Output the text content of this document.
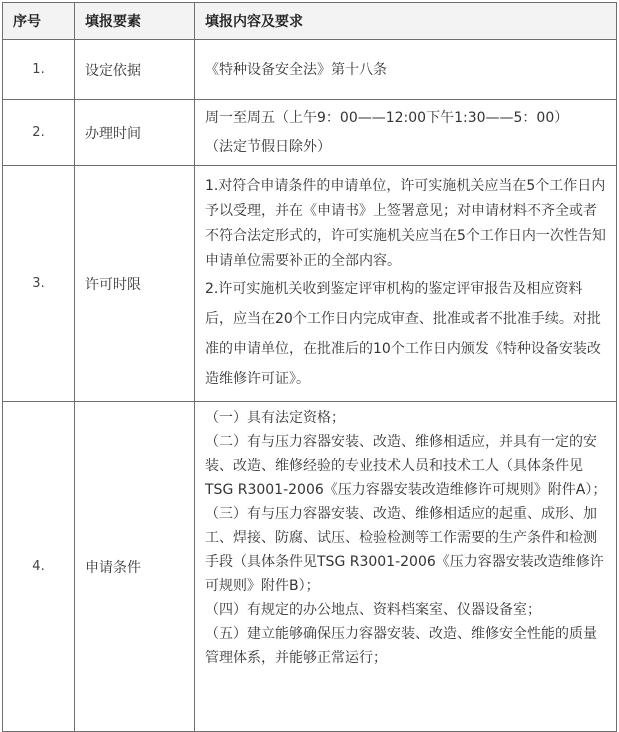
序号	填报要素	填报内容及要求
1.	设定依据	《特种设备安全法》第十八条

2.	办理时间	周一至周五（上午9：00——12:00下午1:30——5：00）　　　　（法定节假日除外）

3.	许可时限	1.对符合申请条件的申请单位，许可实施机关应当在5个工作日内予以受理，并在《申请书》上签署意见；对申请材料不齐全或者不符合法定形式的，许可实施机关应当在5个工作日内一次性告知申请单位需要补正的全部内容。
2.许可实施机关收到鉴定评审机构的鉴定评审报告及相应资料后，应当在20个工作日内完成审查、批准或者不批准手续。对批准的申请单位，在批准后的10个工作日内颁发《特种设备安装改造维修许可证》。

4.	申请条件	（一）具有法定资格；
（二）有与压力容器安装、改造、维修相适应，并具有一定的安装、改造、维修经验的专业技术人员和技术工人（具体条件见TSG R3001-2006《压力容器安装改造维修许可规则》附件A）；
（三）有与压力容器安装、改造、维修相适应的起重、成形、加工、焊接、防腐、试压、检验检测等工作需要的生产条件和检测手段（具体条件见TSG R3001-2006《压力容器安装改造维修许可规则》附件B）；
（四）有规定的办公地点、资料档案室、仪器设备室；
（五）建立能够确保压力容器安装、改造、维修安全性能的质量管理体系，并能够正常运行；
